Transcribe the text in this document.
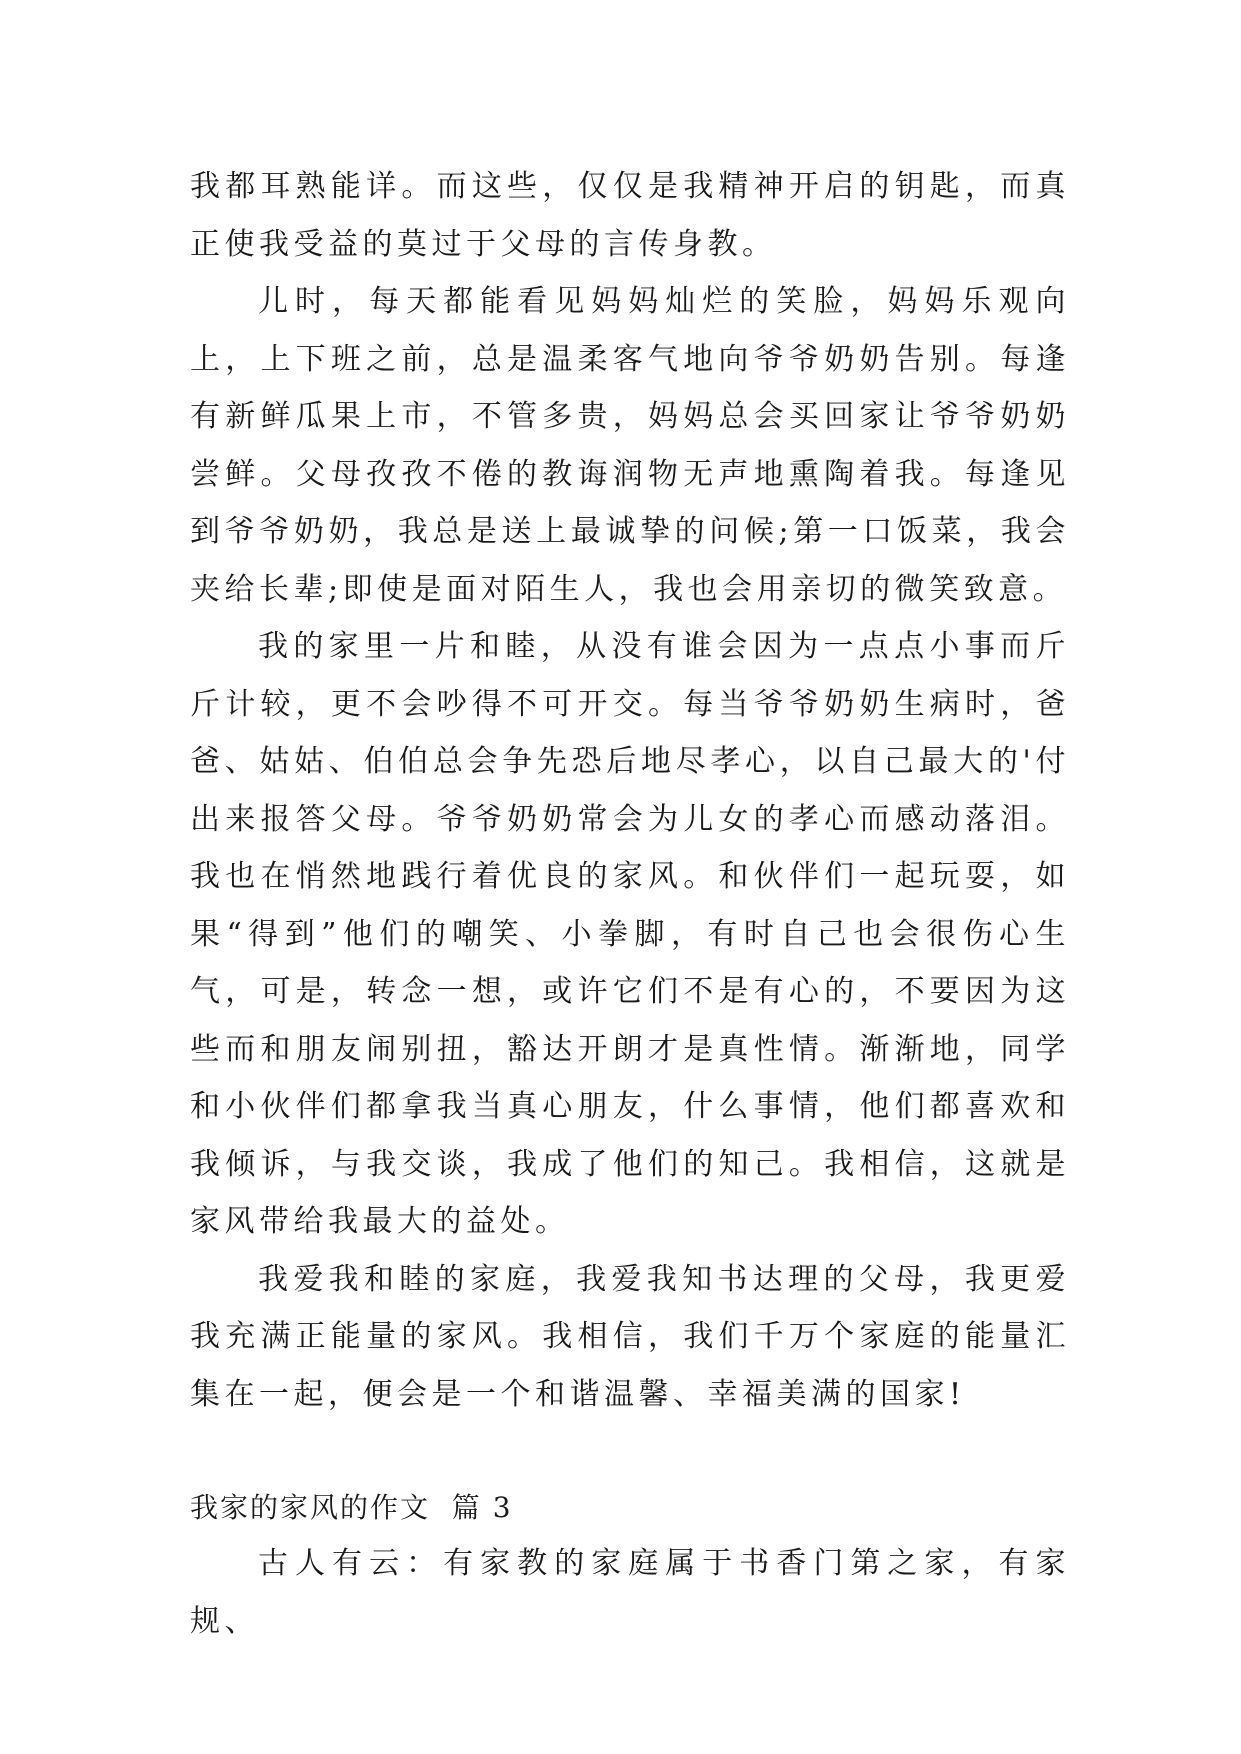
我都耳熟能详。而这些，仅仅是我精神开启的钥匙，而真正使我受益的莫过于父母的言传身教。

儿时，每天都能看见妈妈灿烂的笑脸，妈妈乐观向上，上下班之前，总是温柔客气地向爷爷奶奶告别。每逢有新鲜瓜果上市，不管多贵，妈妈总会买回家让爷爷奶奶尝鲜。父母孜孜不倦的教诲润物无声地熏陶着我。每逢见到爷爷奶奶，我总是送上最诚挚的问候;第一口饭菜，我会夹给长辈;即使是面对陌生人，我也会用亲切的微笑致意。

我的家里一片和睦，从没有谁会因为一点点小事而斤斤计较，更不会吵得不可开交。每当爷爷奶奶生病时，爸爸、姑姑、伯伯总会争先恐后地尽孝心，以自己最大的'付出来报答父母。爷爷奶奶常会为儿女的孝心而感动落泪。我也在悄然地践行着优良的家风。和伙伴们一起玩耍，如果“得到”他们的嘲笑、小拳脚，有时自己也会很伤心生气，可是，转念一想，或许它们不是有心的，不要因为这些而和朋友闹别扭，豁达开朗才是真性情。渐渐地，同学和小伙伴们都拿我当真心朋友，什么事情，他们都喜欢和我倾诉，与我交谈，我成了他们的知己。我相信，这就是家风带给我最大的益处。

我爱我和睦的家庭，我爱我知书达理的父母，我更爱我充满正能量的家风。我相信，我们千万个家庭的能量汇集在一起，便会是一个和谐温馨、幸福美满的国家!

我家的家风的作文  篇 3

古人有云：有家教的家庭属于书香门第之家，有家规、
